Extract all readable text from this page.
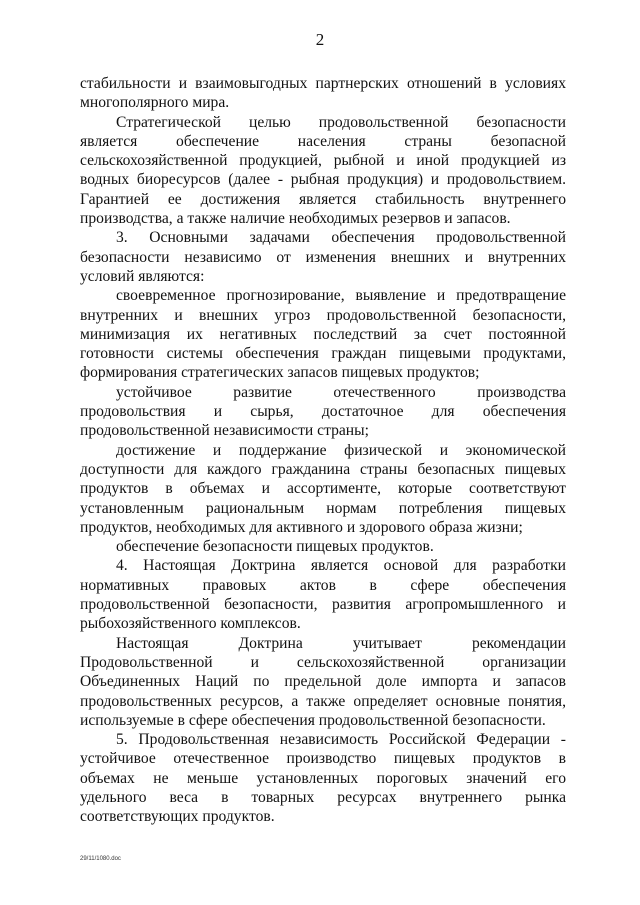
2

стабильности и взаимовыгодных партнерских отношений в условиях
многополярного мира.

Стратегической целью продовольственной безопасности
является обеспечение населения страны безопасной
сельскохозяйственной продукцией, рыбной и иной продукцией из
водных биоресурсов (далее - рыбная продукция) и продовольствием.
Гарантией ее достижения является стабильность внутреннего
производства, а также наличие необходимых резервов и запасов.

3. Основными задачами обеспечения продовольственной
безопасности независимо от изменения внешних и внутренних
условий являются:

своевременное прогнозирование, выявление и предотвращение
внутренних и внешних угроз продовольственной безопасности,
минимизация их негативных последствий за счет постоянной
готовности системы обеспечения граждан пищевыми продуктами,
формирования стратегических запасов пищевых продуктов;

устойчивое развитие отечественного производства
продовольствия и сырья, достаточное для обеспечения
продовольственной независимости страны;

достижение и поддержание физической и экономической
доступности для каждого гражданина страны безопасных пищевых
продуктов в объемах и ассортименте, которые соответствуют
установленным рациональным нормам потребления пищевых
продуктов, необходимых для активного и здорового образа жизни;

обеспечение безопасности пищевых продуктов.

4. Настоящая Доктрина является основой для разработки
нормативных правовых актов в сфере обеспечения
продовольственной безопасности, развития агропромышленного и
рыбохозяйственного комплексов.

Настоящая Доктрина учитывает рекомендации
Продовольственной и сельскохозяйственной организации
Объединенных Наций по предельной доле импорта и запасов
продовольственных ресурсов, а также определяет основные понятия,
используемые в сфере обеспечения продовольственной безопасности.

5. Продовольственная независимость Российской Федерации -
устойчивое отечественное производство пищевых продуктов в
объемах не меньше установленных пороговых значений его
удельного веса в товарных ресурсах внутреннего рынка
соответствующих продуктов.

29/11/1080.doc
